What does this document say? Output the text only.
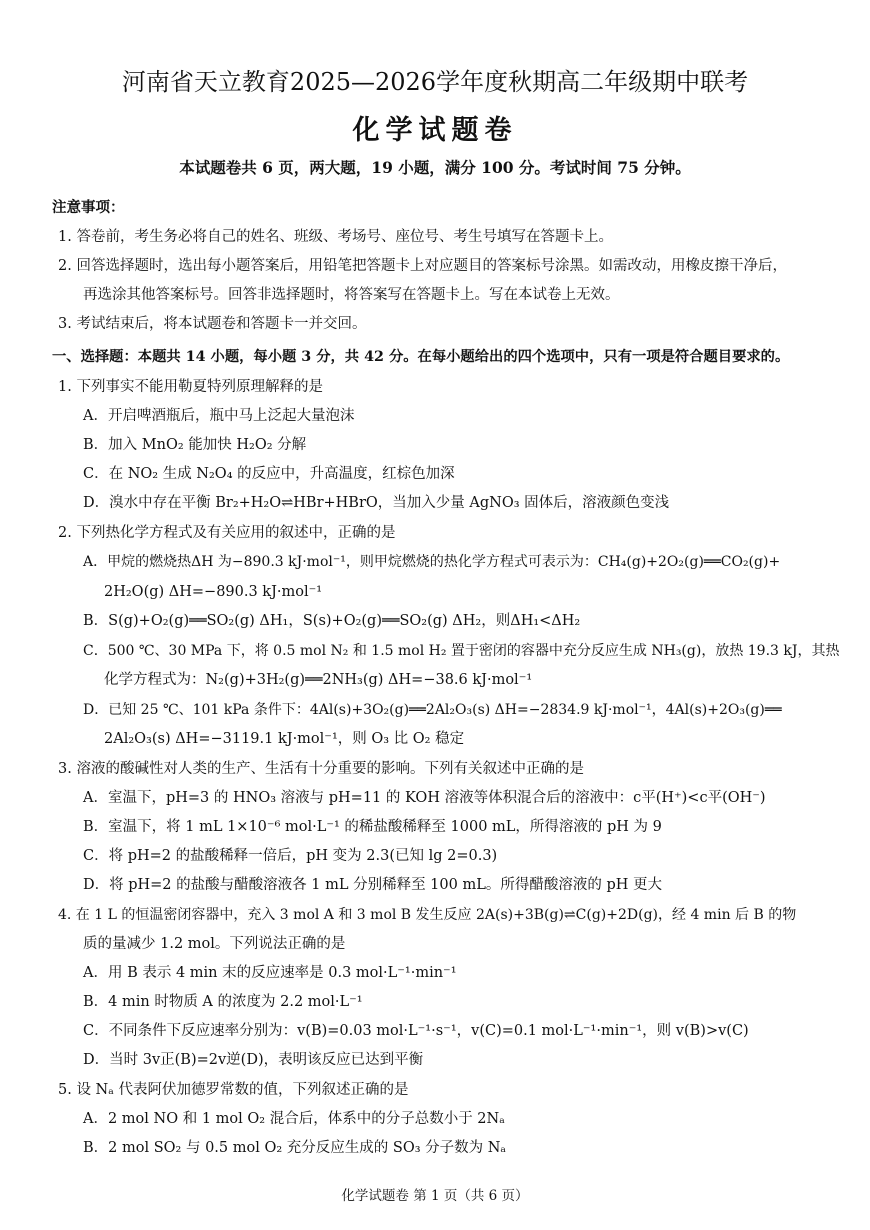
河南省天立教育2025—2026学年度秋期高二年级期中联考
化学试题卷
本试题卷共 6 页，两大题，19 小题，满分 100 分。考试时间 75 分钟。
注意事项：
1. 答卷前，考生务必将自己的姓名、班级、考场号、座位号、考生号填写在答题卡上。
2. 回答选择题时，选出每小题答案后，用铅笔把答题卡上对应题目的答案标号涂黑。如需改动，用橡皮擦干净后，
再选涂其他答案标号。回答非选择题时，将答案写在答题卡上。写在本试卷上无效。
3. 考试结束后，将本试题卷和答题卡一并交回。
一、选择题：本题共 14 小题，每小题 3 分，共 42 分。在每小题给出的四个选项中，只有一项是符合题目要求的。
1. 下列事实不能用勒夏特列原理解释的是
A．开启啤酒瓶后，瓶中马上泛起大量泡沫
B．加入 MnO₂ 能加快 H₂O₂ 分解
C．在 NO₂ 生成 N₂O₄ 的反应中，升高温度，红棕色加深
D．溴水中存在平衡 Br₂+H₂O⇌HBr+HBrO，当加入少量 AgNO₃ 固体后，溶液颜色变浅
2. 下列热化学方程式及有关应用的叙述中，正确的是
A．甲烷的燃烧热ΔH 为−890.3 kJ·mol⁻¹，则甲烷燃烧的热化学方程式可表示为：CH₄(g)+2O₂(g)══CO₂(g)+
2H₂O(g) ΔH=−890.3 kJ·mol⁻¹
B．S(g)+O₂(g)══SO₂(g) ΔH₁，S(s)+O₂(g)══SO₂(g) ΔH₂，则ΔH₁<ΔH₂
C．500 ℃、30 MPa 下，将 0.5 mol N₂ 和 1.5 mol H₂ 置于密闭的容器中充分反应生成 NH₃(g)，放热 19.3 kJ，其热
化学方程式为：N₂(g)+3H₂(g)══2NH₃(g) ΔH=−38.6 kJ·mol⁻¹
D．已知 25 ℃、101 kPa 条件下：4Al(s)+3O₂(g)══2Al₂O₃(s) ΔH=−2834.9 kJ·mol⁻¹，4Al(s)+2O₃(g)══
2Al₂O₃(s) ΔH=−3119.1 kJ·mol⁻¹，则 O₃ 比 O₂ 稳定
3. 溶液的酸碱性对人类的生产、生活有十分重要的影响。下列有关叙述中正确的是
A．室温下，pH=3 的 HNO₃ 溶液与 pH=11 的 KOH 溶液等体积混合后的溶液中：c平(H⁺)<c平(OH⁻)
B．室温下，将 1 mL 1×10⁻⁶ mol·L⁻¹ 的稀盐酸稀释至 1000 mL，所得溶液的 pH 为 9
C．将 pH=2 的盐酸稀释一倍后，pH 变为 2.3(已知 lg 2=0.3)
D．将 pH=2 的盐酸与醋酸溶液各 1 mL 分别稀释至 100 mL。所得醋酸溶液的 pH 更大
4. 在 1 L 的恒温密闭容器中，充入 3 mol A 和 3 mol B 发生反应 2A(s)+3B(g)⇌C(g)+2D(g)，经 4 min 后 B 的物
质的量减少 1.2 mol。下列说法正确的是
A．用 B 表示 4 min 末的反应速率是 0.3 mol·L⁻¹·min⁻¹
B．4 min 时物质 A 的浓度为 2.2 mol·L⁻¹
C．不同条件下反应速率分别为：v(B)=0.03 mol·L⁻¹·s⁻¹，v(C)=0.1 mol·L⁻¹·min⁻¹，则 v(B)>v(C)
D．当时 3v正(B)=2v逆(D)，表明该反应已达到平衡
5. 设 Nₐ 代表阿伏加德罗常数的值，下列叙述正确的是
A．2 mol NO 和 1 mol O₂ 混合后，体系中的分子总数小于 2Nₐ
B．2 mol SO₂ 与 0.5 mol O₂ 充分反应生成的 SO₃ 分子数为 Nₐ
化学试题卷 第 1 页（共 6 页）
